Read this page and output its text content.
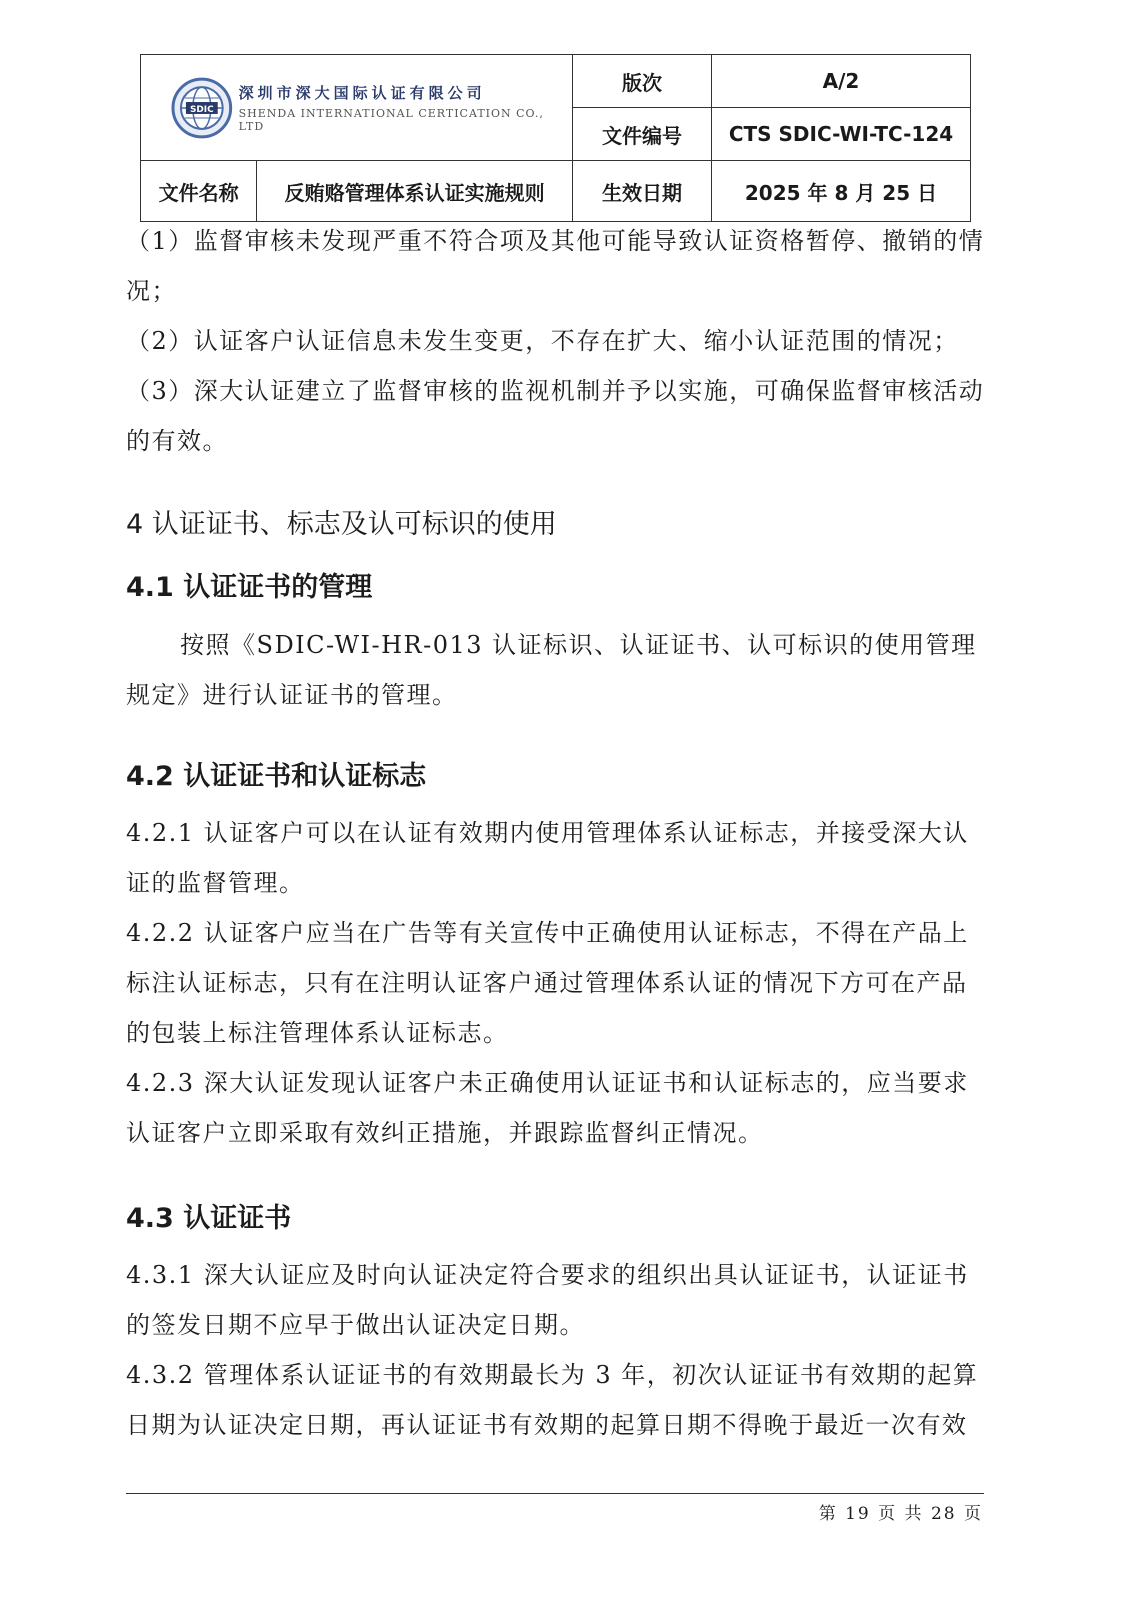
SDIC
深圳市深大国际认证有限公司
SHENDA INTERNATIONAL CERTICATION CO., LTD		版次	A/2
		文件编号	CTS SDIC-WI-TC-124
文件名称	反贿赂管理体系认证实施规则	生效日期	2025 年 8 月 25 日

（1）监督审核未发现严重不符合项及其他可能导致认证资格暂停、撤销的情况；

（2）认证客户认证信息未发生变更，不存在扩大、缩小认证范围的情况；

（3）深大认证建立了监督审核的监视机制并予以实施，可确保监督审核活动的有效。

4 认证证书、标志及认可标识的使用
4.1 认证证书的管理

按照《SDIC-WI-HR-013 认证标识、认证证书、认可标识的使用管理规定》进行认证证书的管理。

4.2 认证证书和认证标志

4.2.1 认证客户可以在认证有效期内使用管理体系认证标志，并接受深大认证的监督管理。

4.2.2 认证客户应当在广告等有关宣传中正确使用认证标志，不得在产品上标注认证标志，只有在注明认证客户通过管理体系认证的情况下方可在产品的包装上标注管理体系认证标志。

4.2.3 深大认证发现认证客户未正确使用认证证书和认证标志的，应当要求认证客户立即采取有效纠正措施，并跟踪监督纠正情况。

4.3 认证证书

4.3.1 深大认证应及时向认证决定符合要求的组织出具认证证书，认证证书的签发日期不应早于做出认证决定日期。

4.3.2 管理体系认证证书的有效期最长为 3 年，初次认证证书有效期的起算日期为认证决定日期，再认证证书有效期的起算日期不得晚于最近一次有效

第 19 页 共 28 页
